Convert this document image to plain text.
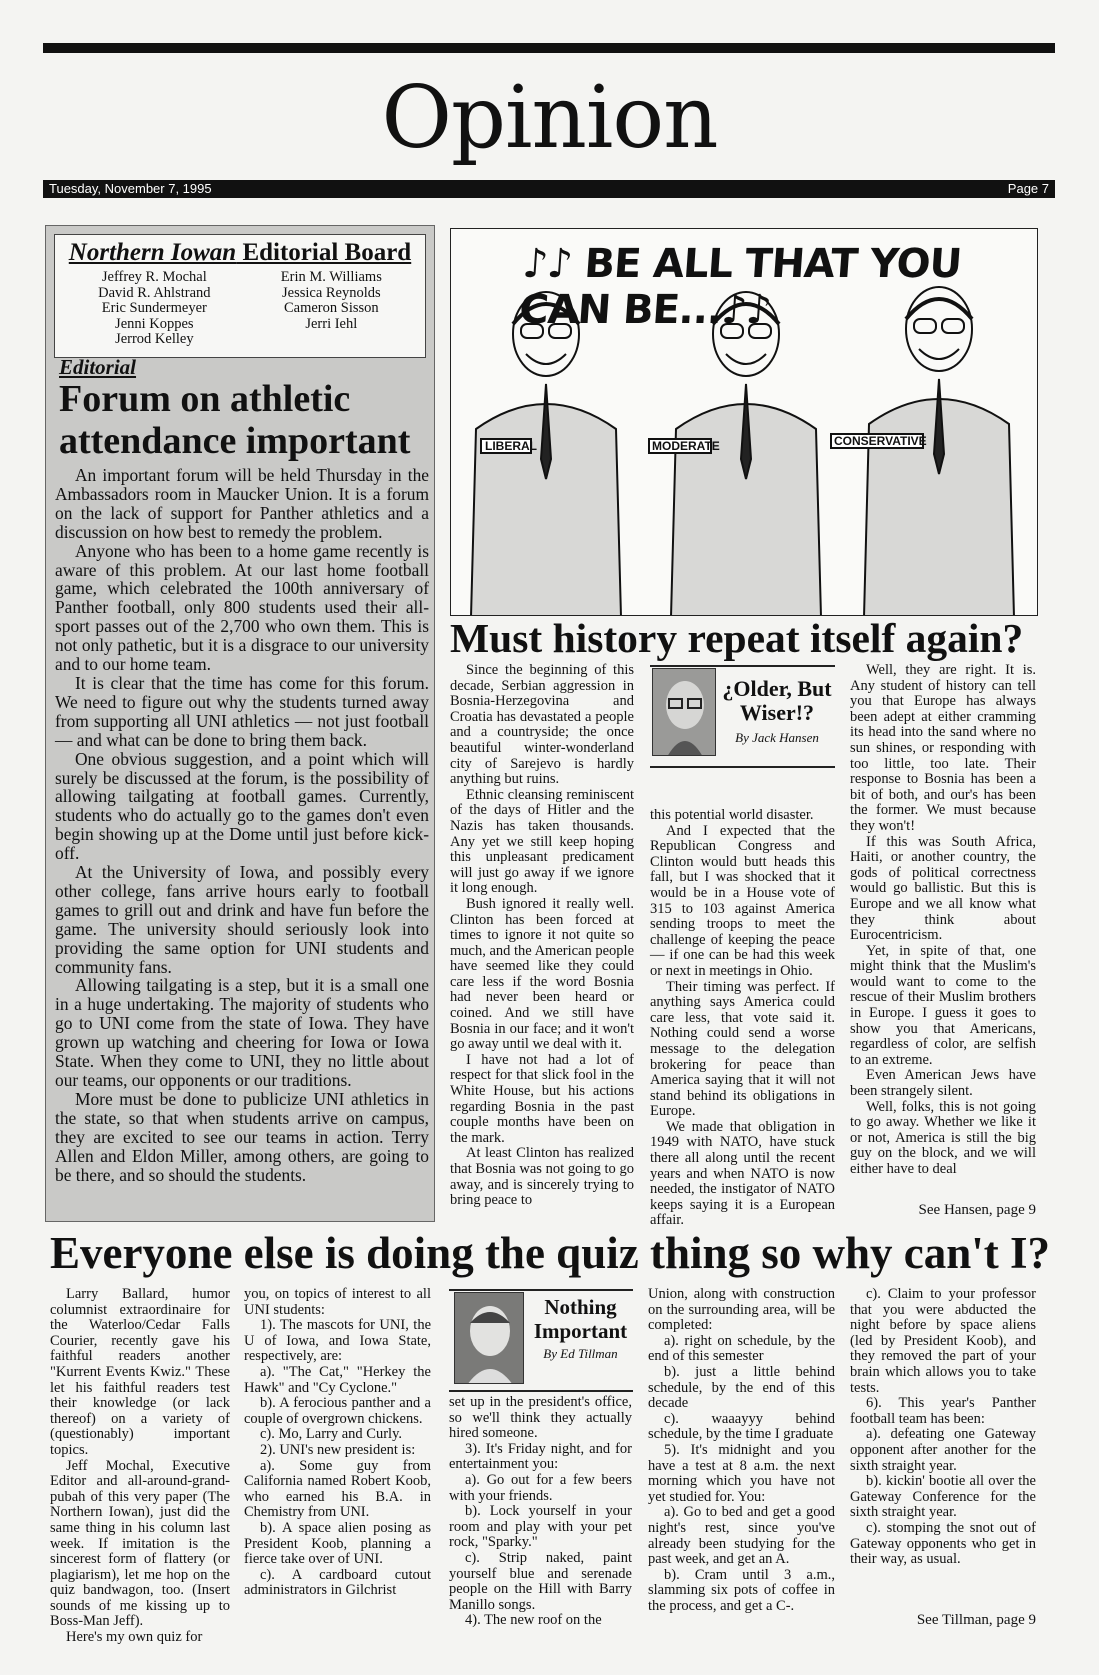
Opinion
Tuesday, November 7, 1995	Page 7
Northern Iowan Editorial Board
Jeffrey R. Mochal
David R. Ahlstrand
Eric Sundermeyer
Jenni Koppes
Jerrod Kelley
Erin M. Williams
Jessica Reynolds
Cameron Sisson
Jerri Iehl
Editorial
Forum on athletic attendance important

An important forum will be held Thursday in the Ambassadors room in Maucker Union. It is a forum on the lack of support for Panther athletics and a discussion on how best to remedy the problem.

Anyone who has been to a home game recently is aware of this problem. At our last home football game, which celebrated the 100th anniversary of Panther football, only 800 students used their all-sport passes out of the 2,700 who own them. This is not only pathetic, but it is a disgrace to our university and to our home team.

It is clear that the time has come for this forum. We need to figure out why the students turned away from supporting all UNI athletics — not just football — and what can be done to bring them back.

One obvious suggestion, and a point which will surely be discussed at the forum, is the possibility of allowing tailgating at football games. Currently, students who do actually go to the games don't even begin showing up at the Dome until just before kick-off.

At the University of Iowa, and possibly every other college, fans arrive hours early to football games to grill out and drink and have fun before the game. The university should seriously look into providing the same option for UNI students and community fans.

Allowing tailgating is a step, but it is a small one in a huge undertaking. The majority of students who go to UNI come from the state of Iowa. They have grown up watching and cheering for Iowa or Iowa State. When they come to UNI, they no little about our teams, our opponents or our traditions.

More must be done to publicize UNI athletics in the state, so that when students arrive on campus, they are excited to see our teams in action. Terry Allen and Eldon Miller, among others, are going to be there, and so should the students.

LIBERAL	MODERATE	CONSERVATIVE
♪♪ BE ALL THAT YOU CAN BE...♪♪
Must history repeat itself again?

Since the beginning of this decade, Serbian aggression in Bosnia-Herzegovina and Croatia has devastated a people and a countryside; the once beautiful winter-wonderland city of Sarejevo is hardly anything but ruins.

Ethnic cleansing reminiscent of the days of Hitler and the Nazis has taken thousands. Any yet we still keep hoping this unpleasant predicament will just go away if we ignore it long enough.

Bush ignored it really well. Clinton has been forced at times to ignore it not quite so much, and the American people have seemed like they could care less if the word Bosnia had never been heard or coined. And we still have Bosnia in our face; and it won't go away until we deal with it.

I have not had a lot of respect for that slick fool in the White House, but his actions regarding Bosnia in the past couple months have been on the mark.

At least Clinton has realized that Bosnia was not going to go away, and is sincerely trying to bring peace to

¿Older, But Wiser!?
By Jack Hansen

this potential world disaster.

And I expected that the Republican Congress and Clinton would butt heads this fall, but I was shocked that it would be in a House vote of 315 to 103 against America sending troops to meet the challenge of keeping the peace — if one can be had this week or next in meetings in Ohio.

Their timing was perfect. If anything says America could care less, that vote said it. Nothing could send a worse message to the delegation brokering for peace than America saying that it will not stand behind its obligations in Europe.

We made that obligation in 1949 with NATO, have stuck there all along until the recent years and when NATO is now needed, the instigator of NATO keeps saying it is a European affair.

Well, they are right. It is. Any student of history can tell you that Europe has always been adept at either cramming its head into the sand where no sun shines, or responding with too little, too late. Their response to Bosnia has been a bit of both, and our's has been the former. We must because they won't!

If this was South Africa, Haiti, or another country, the gods of political correctness would go ballistic. But this is Europe and we all know what they think about Eurocentricism.

Yet, in spite of that, one might think that the Muslim's would want to come to the rescue of their Muslim brothers in Europe. I guess it goes to show you that Americans, regardless of color, are selfish to an extreme.

Even American Jews have been strangely silent.

Well, folks, this is not going to go away. Whether we like it or not, America is still the big guy on the block, and we will either have to deal

See Hansen, page 9
Everyone else is doing the quiz thing so why can't I?

Larry Ballard, humor columnist extraordinaire for the Waterloo/Cedar Falls Courier, recently gave his faithful readers another "Kurrent Events Kwiz." These let his faithful readers test their knowledge (or lack thereof) on a variety of (questionably) important topics.

Jeff Mochal, Executive Editor and all-around-grand-pubah of this very paper (The Northern Iowan), just did the same thing in his column last week. If imitation is the sincerest form of flattery (or plagiarism), let me hop on the quiz bandwagon, too. (Insert sounds of me kissing up to Boss-Man Jeff).

Here's my own quiz for

you, on topics of interest to all UNI students:

1). The mascots for UNI, the U of Iowa, and Iowa State, respectively, are:

a). "The Cat," "Herkey the Hawk" and "Cy Cyclone."

b). A ferocious panther and a couple of overgrown chickens.

c). Mo, Larry and Curly.

2). UNI's new president is:

a). Some guy from California named Robert Koob, who earned his B.A. in Chemistry from UNI.

b). A space alien posing as President Koob, planning a fierce take over of UNI.

c). A cardboard cutout administrators in Gilchrist

Nothing Important
By Ed Tillman

set up in the president's office, so we'll think they actually hired someone.

3). It's Friday night, and for entertainment you:

a). Go out for a few beers with your friends.

b). Lock yourself in your room and play with your pet rock, "Sparky."

c). Strip naked, paint yourself blue and serenade people on the Hill with Barry Manillo songs.

4). The new roof on the

Union, along with construction on the surrounding area, will be completed:

a). right on schedule, by the end of this semester

b). just a little behind schedule, by the end of this decade

c). waaayyy behind schedule, by the time I graduate

5). It's midnight and you have a test at 8 a.m. the next morning which you have not yet studied for. You:

a). Go to bed and get a good night's rest, since you've already been studying for the past week, and get an A.

b). Cram until 3 a.m., slamming six pots of coffee in the process, and get a C-.

c). Claim to your professor that you were abducted the night before by space aliens (led by President Koob), and they removed the part of your brain which allows you to take tests.

6). This year's Panther football team has been:

a). defeating one Gateway opponent after another for the sixth straight year.

b). kickin' bootie all over the Gateway Conference for the sixth straight year.

c). stomping the snot out of Gateway opponents who get in their way, as usual.

See Tillman, page 9
